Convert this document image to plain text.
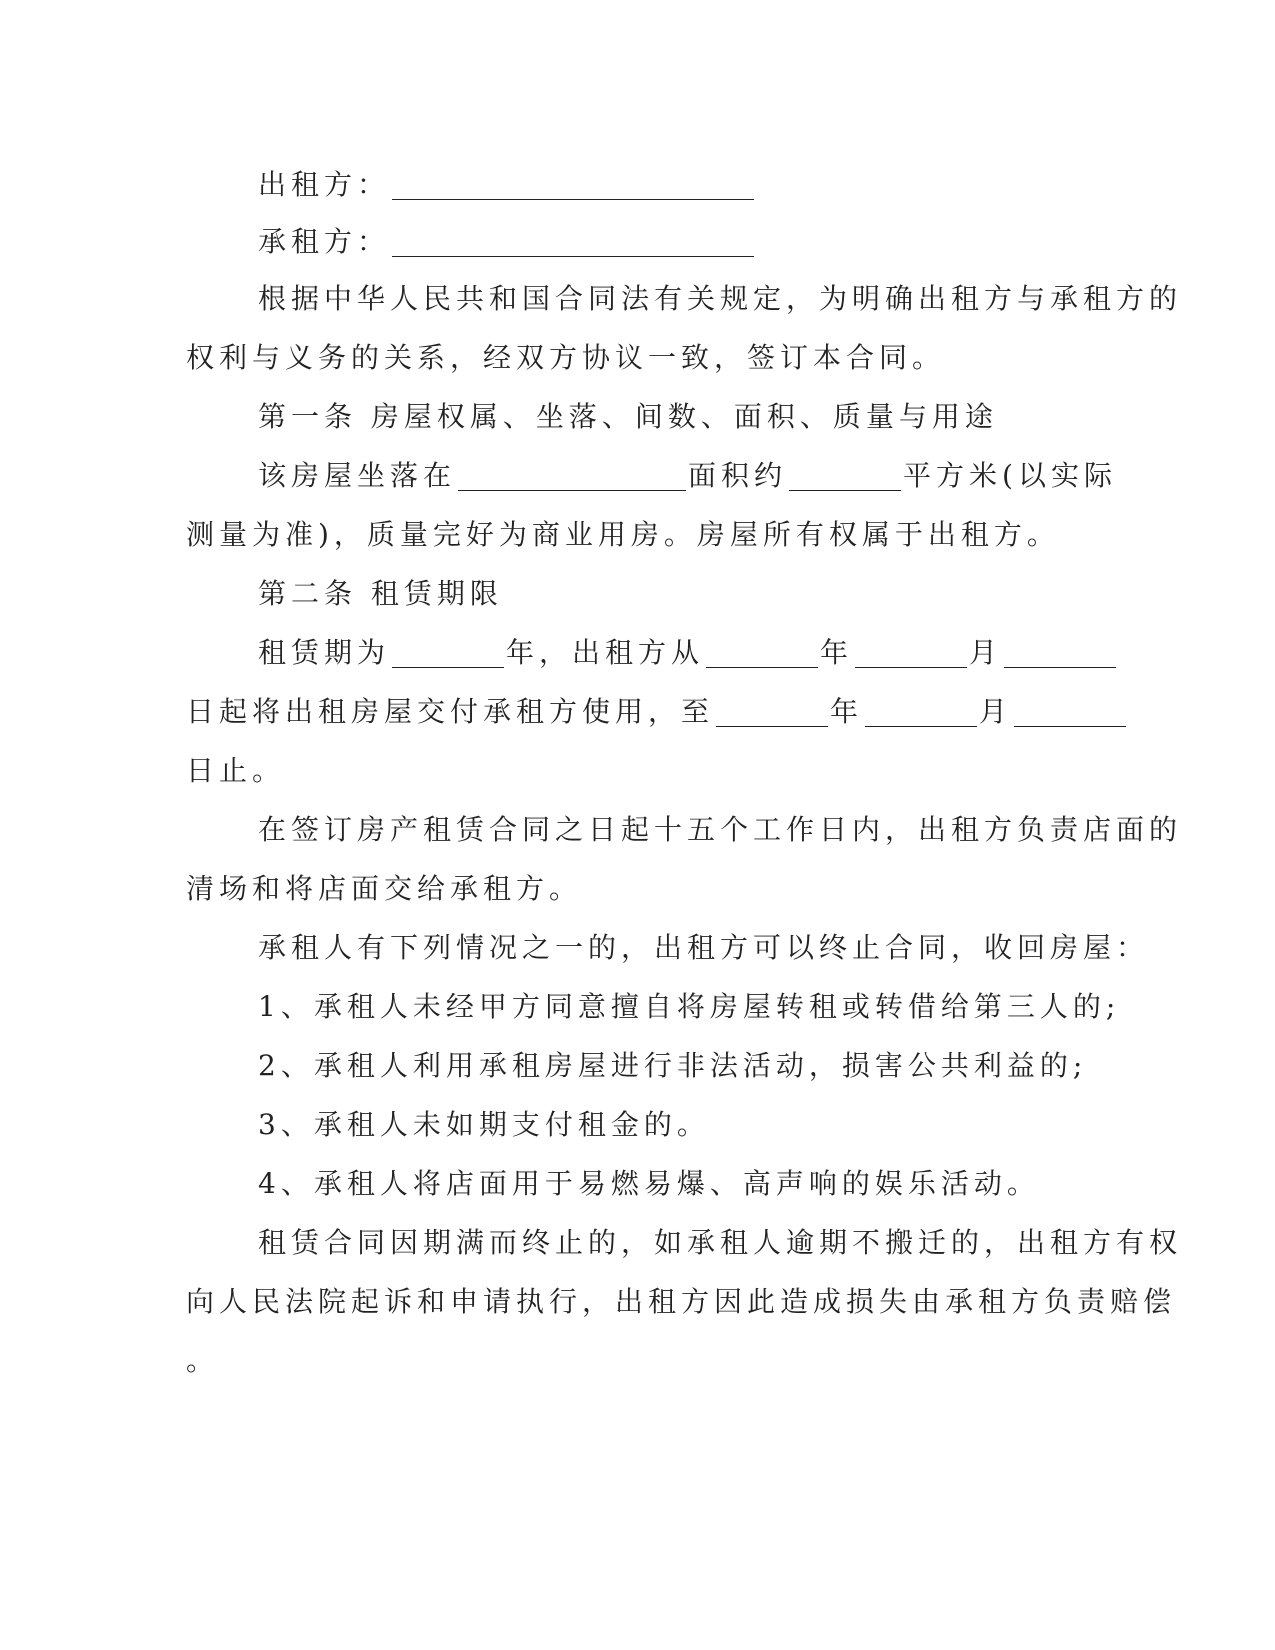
出租方：
承租方：
根据中华人民共和国合同法有关规定，为明确出租方与承租方的
权利与义务的关系，经双方协议一致，签订本合同。
第一条 房屋权属、坐落、间数、面积、质量与用途
该房屋坐落在	面积约	平方米(以实际
测量为准)，质量完好为商业用房。房屋所有权属于出租方。
第二条 租赁期限
租赁期为	年，出租方从	年	月
日起将出租房屋交付承租方使用，至	年	月
日止。
在签订房产租赁合同之日起十五个工作日内，出租方负责店面的
清场和将店面交给承租方。
承租人有下列情况之一的，出租方可以终止合同，收回房屋：
1、承租人未经甲方同意擅自将房屋转租或转借给第三人的;
2、承租人利用承租房屋进行非法活动，损害公共利益的;
3、承租人未如期支付租金的。
4、承租人将店面用于易燃易爆、高声响的娱乐活动。
租赁合同因期满而终止的，如承租人逾期不搬迁的，出租方有权
向人民法院起诉和申请执行，出租方因此造成损失由承租方负责赔偿
。
